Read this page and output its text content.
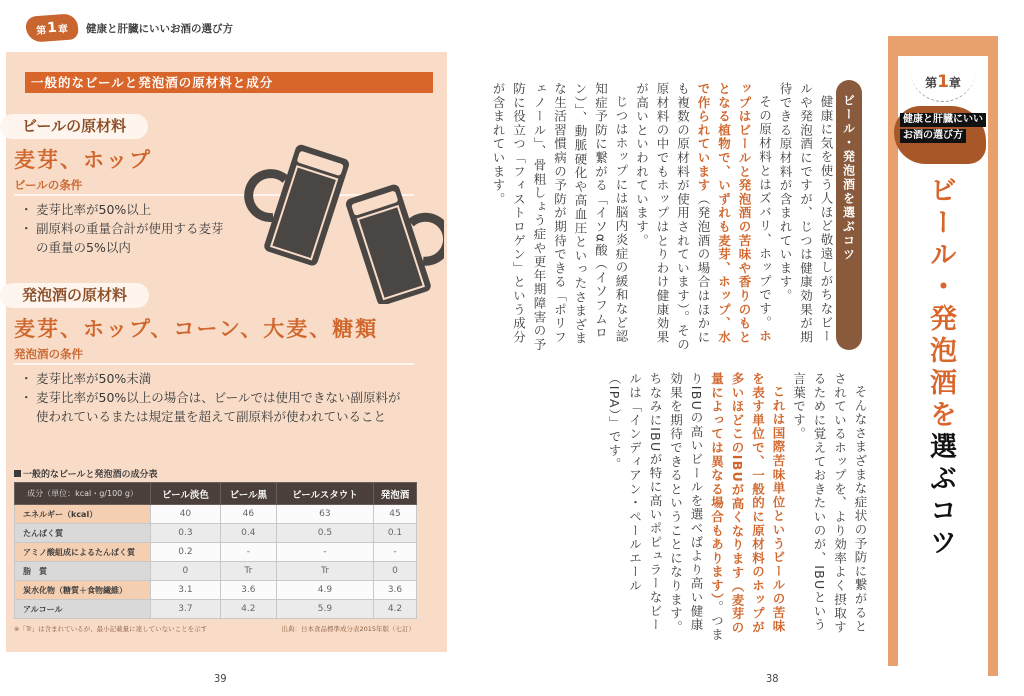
第 1 章 健康と肝臓にいいお酒の選び方
一般的なビールと発泡酒の原材料と成分
ビールの原材料
麦芽、ホップ
ビールの条件
・ 麦芽比率が50%以上
・ 副原料の重量合計が使用する麦芽の重量の5%以内
発泡酒の原材料
麦芽、ホップ、コーン、大麦、糖類
発泡酒の条件
・ 麦芽比率が50%未満
・ 麦芽比率が50%以上の場合は、ビールでは使用できない副原料が使われているまたは規定量を超えて副原料が使われていること
一般的なビールと発泡酒の成分表
成分（単位：kcal・g/100 g）	ビール淡色	ビール黒	ビールスタウト	発泡酒
エネルギー（kcal）	40	46	63	45
たんぱく質	0.3	0.4	0.5	0.1
アミノ酸組成によるたんぱく質	0.2	-	-	-
脂　質	0	Tr	Tr	0
炭水化物（糖質＋食物繊維）	3.1	3.6	4.9	3.6
アルコール	3.7	4.2	5.9	4.2
※「Tr」は含まれているが、最小記載量に達していないことを示す	出典：日本食品標準成分表2015年版（七訂）
39

健康に気を使う人ほど敬遠しがちなビールや発泡酒にですが、じつは健康効果が期待できる原材料が含まれています。

その原材料とはズバリ、ホップです。ホップはビールと発泡酒の苦味や香りのもととなる植物で、いずれも麦芽、ホップ、水で作られています（発泡酒の場合はほかにも複数の原材料が使用されています）。その原材料の中でもホップはとりわけ健康効果が高いといわれています。

じつはホップには脳内炎症の緩和など認知症予防に繋がる「イソα酸（イソフムロン）」、動脈硬化や高血圧といったさまざまな生活習慣病の予防が期待できる「ポリフェノール」、骨粗しょう症や更年期障害の予防に役立つ「フィストロゲン」という成分が含まれています。

そんなさまざまな症状の予防に繋がるとされているホップを、より効率よく摂取するために覚えておきたいのが、IBUという言葉です。

これは国際苦味単位というビールの苦味を表す単位で、一般的に原材料のホップが多いほどこのIBUが高くなります（麦芽の量によっては異なる場合もあります）。つまりIBUの高いビールを選べばより高い健康効果を期待できるということになります。ちなみにIBUが特に高いポピュラーなビールは「インディアン・ペールエール（IPA）」です。

ビール・発泡酒を選ぶコツ
第1章
健康と肝臓にいい
お酒の選び方
ビール・発泡酒を選ぶコツ
38
